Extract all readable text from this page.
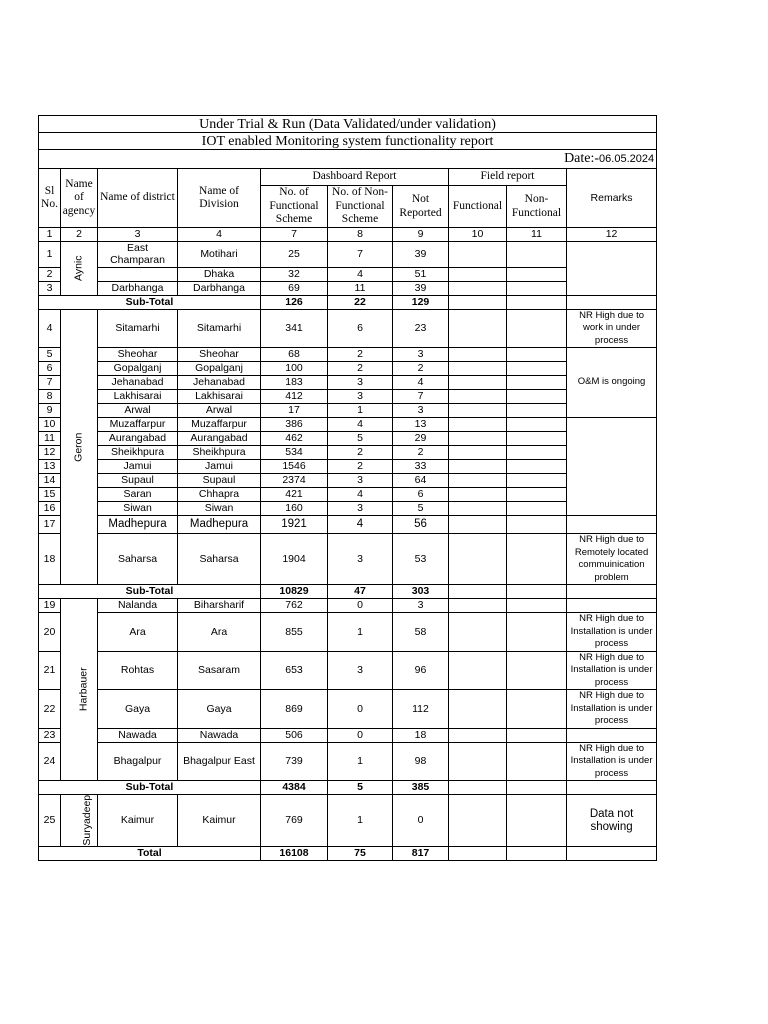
Under Trial & Run (Data Validated/under validation)									
IOT enabled Monitoring system functionality report									
Date:-06.05.2024									
Sl No.	Name of agency	Name of district	Name of Division	Dashboard Report			Field report		Remarks
				No. of Functional Scheme	No. of Non-Functional Scheme	Not Reported	Functional	Non-Functional	
1	2	3	4	7	8	9	10	11	12
1	Aynic	East Champaran	Motihari	25	7	39			
2			Dhaka	32	4	51			
3		Darbhanga	Darbhanga	69	11	39			
Sub-Total				126	22	129			
4	Geron	Sitamarhi	Sitamarhi	341	6	23			NR High due to work in under process
5		Sheohar	Sheohar	68	2	3			O&M is ongoing
6		Gopalganj	Gopalganj	100	2	2			
7		Jehanabad	Jehanabad	183	3	4			
8		Lakhisarai	Lakhisarai	412	3	7			
9		Arwal	Arwal	17	1	3			
10		Muzaffarpur	Muzaffarpur	386	4	13			
11		Aurangabad	Aurangabad	462	5	29			
12		Sheikhpura	Sheikhpura	534	2	2			
13		Jamui	Jamui	1546	2	33			
14		Supaul	Supaul	2374	3	64			
15		Saran	Chhapra	421	4	6			
16		Siwan	Siwan	160	3	5			
17		Madhepura	Madhepura	1921	4	56			
18		Saharsa	Saharsa	1904	3	53			NR High due to Remotely located commuinication problem
Sub-Total				10829	47	303			
19	Harbauer	Nalanda	Biharsharif	762	0	3			
20		Ara	Ara	855	1	58			NR High due to Installation is under process
21		Rohtas	Sasaram	653	3	96			NR High due to Installation is under process
22		Gaya	Gaya	869	0	112			NR High due to Installation is under process
23		Nawada	Nawada	506	0	18			
24		Bhagalpur	Bhagalpur East	739	1	98			NR High due to Installation is under process
Sub-Total				4384	5	385			
25	Suryadeep	Kaimur	Kaimur	769	1	0			Data not showing
Total				16108	75	817			
